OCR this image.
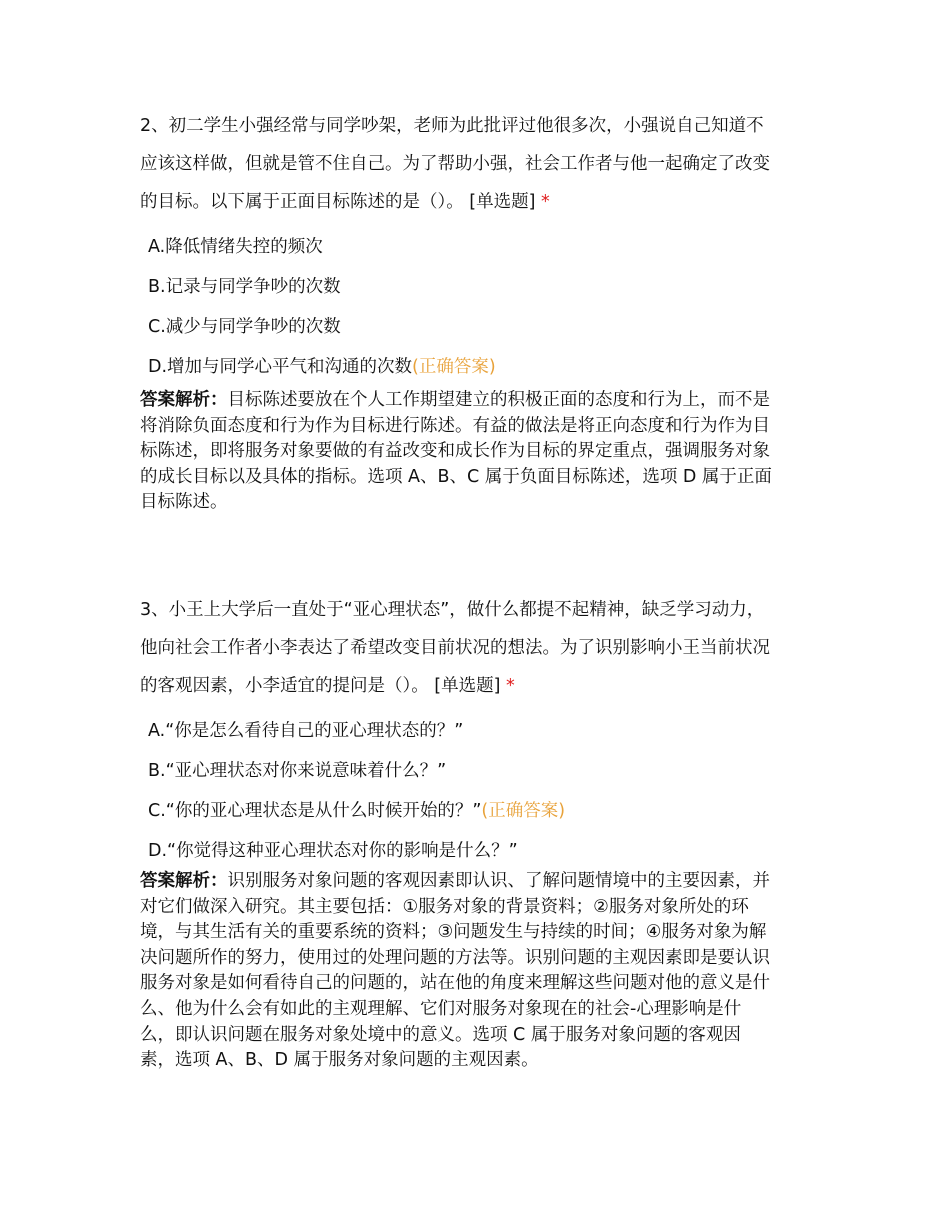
2、初二学生小强经常与同学吵架，老师为此批评过他很多次，小强说自己知道不
应该这样做，但就是管不住自己。为了帮助小强，社会工作者与他一起确定了改变
的目标。以下属于正面目标陈述的是（）。 [单选题] *
A.降低情绪失控的频次
B.记录与同学争吵的次数
C.减少与同学争吵的次数
D.增加与同学心平气和沟通的次数(正确答案)
答案解析：目标陈述要放在个人工作期望建立的积极正面的态度和行为上，而不是
将消除负面态度和行为作为目标进行陈述。有益的做法是将正向态度和行为作为目
标陈述，即将服务对象要做的有益改变和成长作为目标的界定重点，强调服务对象
的成长目标以及具体的指标。选项 A、B、C 属于负面目标陈述，选项 D 属于正面
目标陈述。
3、小王上大学后一直处于“亚心理状态”，做什么都提不起精神，缺乏学习动力，
他向社会工作者小李表达了希望改变目前状况的想法。为了识别影响小王当前状况
的客观因素，小李适宜的提问是（）。 [单选题] *
A.“你是怎么看待自己的亚心理状态的？”
B.“亚心理状态对你来说意味着什么？”
C.“你的亚心理状态是从什么时候开始的？”(正确答案)
D.“你觉得这种亚心理状态对你的影响是什么？”
答案解析：识别服务对象问题的客观因素即认识、了解问题情境中的主要因素，并
对它们做深入研究。其主要包括：①服务对象的背景资料；②服务对象所处的环
境，与其生活有关的重要系统的资料；③问题发生与持续的时间；④服务对象为解
决问题所作的努力，使用过的处理问题的方法等。识别问题的主观因素即是要认识
服务对象是如何看待自己的问题的，站在他的角度来理解这些问题对他的意义是什
么、他为什么会有如此的主观理解、它们对服务对象现在的社会-心理影响是什
么，即认识问题在服务对象处境中的意义。选项 C 属于服务对象问题的客观因
素，选项 A、B、D 属于服务对象问题的主观因素。
